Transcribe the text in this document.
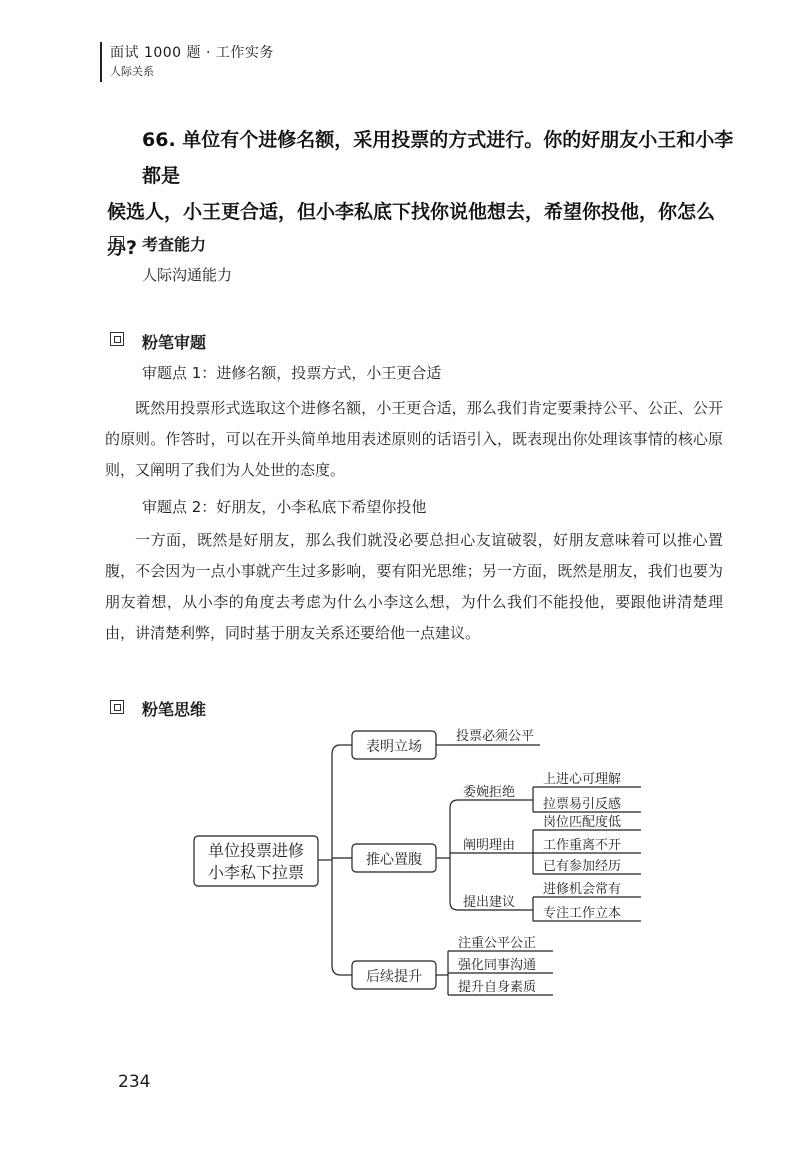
面试 1000 题 · 工作实务
人际关系
66. 单位有个进修名额，采用投票的方式进行。你的好朋友小王和小李都是
候选人，小王更合适，但小李私底下找你说他想去，希望你投他，你怎么办? 考查能力
人际沟通能力
粉笔审题
审题点 1：进修名额，投票方式，小王更合适
既然用投票形式选取这个进修名额，小王更合适，那么我们肯定要秉持公平、公正、公开的原则。作答时，可以在开头简单地用表述原则的话语引入，既表现出你处理该事情的核心原则，又阐明了我们为人处世的态度。
审题点 2：好朋友，小李私底下希望你投他
一方面，既然是好朋友，那么我们就没必要总担心友谊破裂，好朋友意味着可以推心置腹，不会因为一点小事就产生过多影响，要有阳光思维；另一方面，既然是朋友，我们也要为朋友着想，从小李的角度去考虑为什么小李这么想，为什么我们不能投他，要跟他讲清楚理由，讲清楚利弊，同时基于朋友关系还要给他一点建议。
粉笔思维
单位投票进修
小李私下拉票
表明立场
投票必须公平
推心置腹
委婉拒绝
阐明理由
提出建议
上进心可理解
拉票易引反感
岗位匹配度低
工作重离不开
已有参加经历
进修机会常有
专注工作立本
后续提升
注重公平公正
强化同事沟通
提升自身素质
234
